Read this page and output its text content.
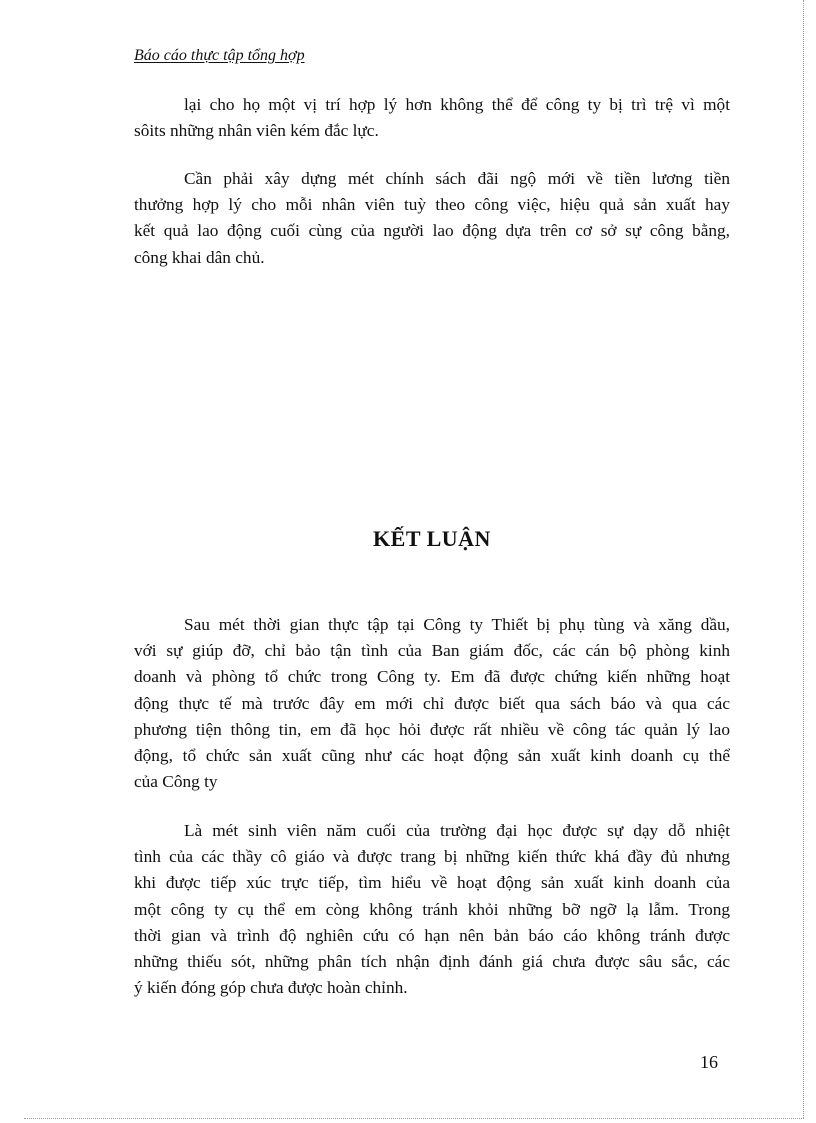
Báo cáo thực tập tổng hợp
lại cho họ một vị trí hợp lý hơn không thể để công ty bị trì trệ vì một
sôits những nhân viên kém đắc lực.
Cần phải xây dựng mét chính sách đãi ngộ mới về tiền lương tiền
thưởng hợp lý cho mỗi nhân viên tuỳ theo công việc, hiệu quả sản xuất hay
kết quả lao động cuối cùng của người lao động dựa trên cơ sở sự công bằng,
công khai dân chủ.
KẾT LUẬN
Sau mét thời gian thực tập tại Công ty Thiết bị phụ tùng và xăng dầu,
với sự giúp đỡ, chỉ bảo tận tình của Ban giám đốc, các cán bộ phòng kinh
doanh và phòng tổ chức trong Công ty. Em đã được chứng kiến những hoạt
động thực tế mà trước đây em mới chỉ được biết qua sách báo và qua các
phương tiện thông tin, em đã học hỏi được rất nhiều về công tác quản lý lao
động, tổ chức sản xuất cũng như các hoạt động sản xuất kinh doanh cụ thể
của Công ty
Là mét sinh viên năm cuối của trường đại học được sự dạy dỗ nhiệt
tình của các thầy cô giáo và được trang bị những kiến thức khá đầy đủ nhưng
khi được tiếp xúc trực tiếp, tìm hiểu về hoạt động sản xuất kinh doanh của
một công ty cụ thể em còng không tránh khỏi những bỡ ngỡ lạ lẫm. Trong
thời gian và trình độ nghiên cứu có hạn nên bản báo cáo không tránh được
những thiếu sót, những phân tích nhận định đánh giá chưa được sâu sắc, các
ý kiến đóng góp chưa được hoàn chỉnh.
16
